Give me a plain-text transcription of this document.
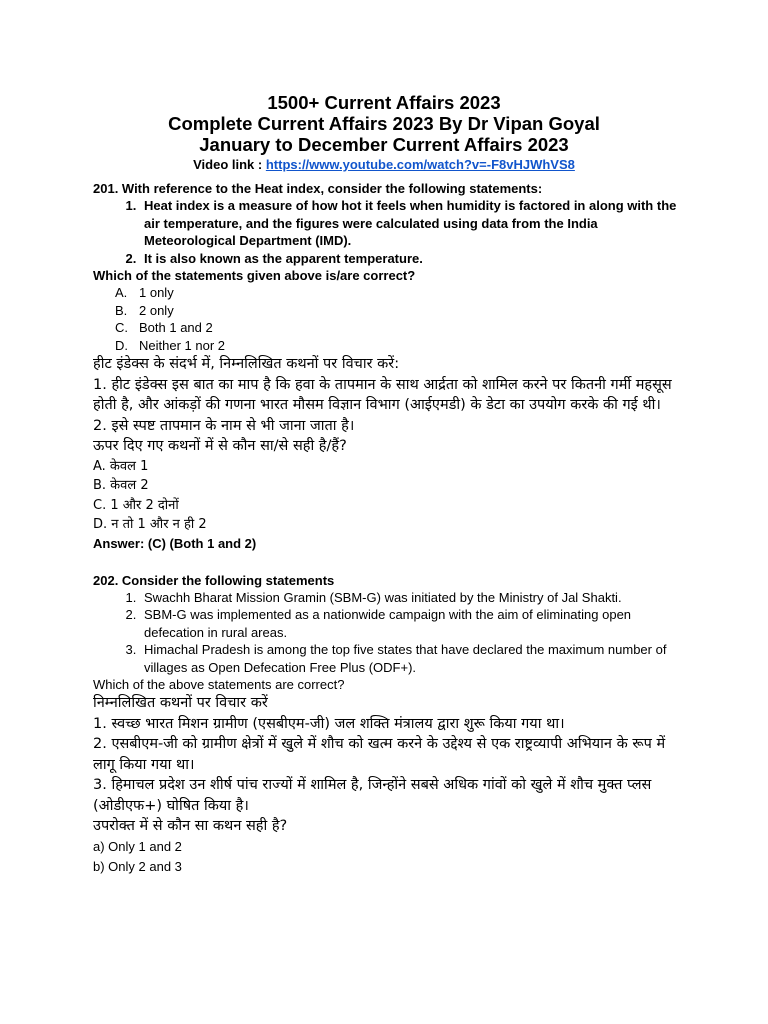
1500+ Current Affairs 2023

Complete Current Affairs 2023 By Dr Vipan Goyal

January to December Current Affairs 2023

Video link : https://www.youtube.com/watch?v=-F8vHJWhVS8
201. With reference to the Heat index, consider the following statements:
1. Heat index is a measure of how hot it feels when humidity is factored in along with the air temperature, and the figures were calculated using data from the India Meteorological Department (IMD).
2. It is also known as the apparent temperature.
Which of the statements given above is/are correct?
A. 1 only
B. 2 only
C. Both 1 and 2
D. Neither 1 nor 2
हीट इंडेक्स के संदर्भ में, निम्नलिखित कथनों पर विचार करें:
1. हीट इंडेक्स इस बात का माप है कि हवा के तापमान के साथ आर्द्रता को शामिल करने पर कितनी गर्मी महसूस होती है, और आंकड़ों की गणना भारत मौसम विज्ञान विभाग (आईएमडी) के डेटा का उपयोग करके की गई थी।
2. इसे स्पष्ट तापमान के नाम से भी जाना जाता है।
ऊपर दिए गए कथनों में से कौन सा/से सही है/हैं?
A. केवल 1
B. केवल 2
C. 1 और 2 दोनों
D. न तो 1 और न ही 2
Answer: (C) (Both 1 and 2)
202. Consider the following statements
1. Swachh Bharat Mission Gramin (SBM-G) was initiated by the Ministry of Jal Shakti.
2. SBM-G was implemented as a nationwide campaign with the aim of eliminating open defecation in rural areas.
3. Himachal Pradesh is among the top five states that have declared the maximum number of villages as Open Defecation Free Plus (ODF+).
Which of the above statements are correct?
निम्नलिखित कथनों पर विचार करें
1. स्वच्छ भारत मिशन ग्रामीण (एसबीएम-जी) जल शक्ति मंत्रालय द्वारा शुरू किया गया था।
2. एसबीएम-जी को ग्रामीण क्षेत्रों में खुले में शौच को खत्म करने के उद्देश्य से एक राष्ट्रव्यापी अभियान के रूप में लागू किया गया था।
3. हिमाचल प्रदेश उन शीर्ष पांच राज्यों में शामिल है, जिन्होंने सबसे अधिक गांवों को खुले में शौच मुक्त प्लस (ओडीएफ+) घोषित किया है।
उपरोक्त में से कौन सा कथन सही है?
a) Only 1 and 2
b) Only 2 and 3
